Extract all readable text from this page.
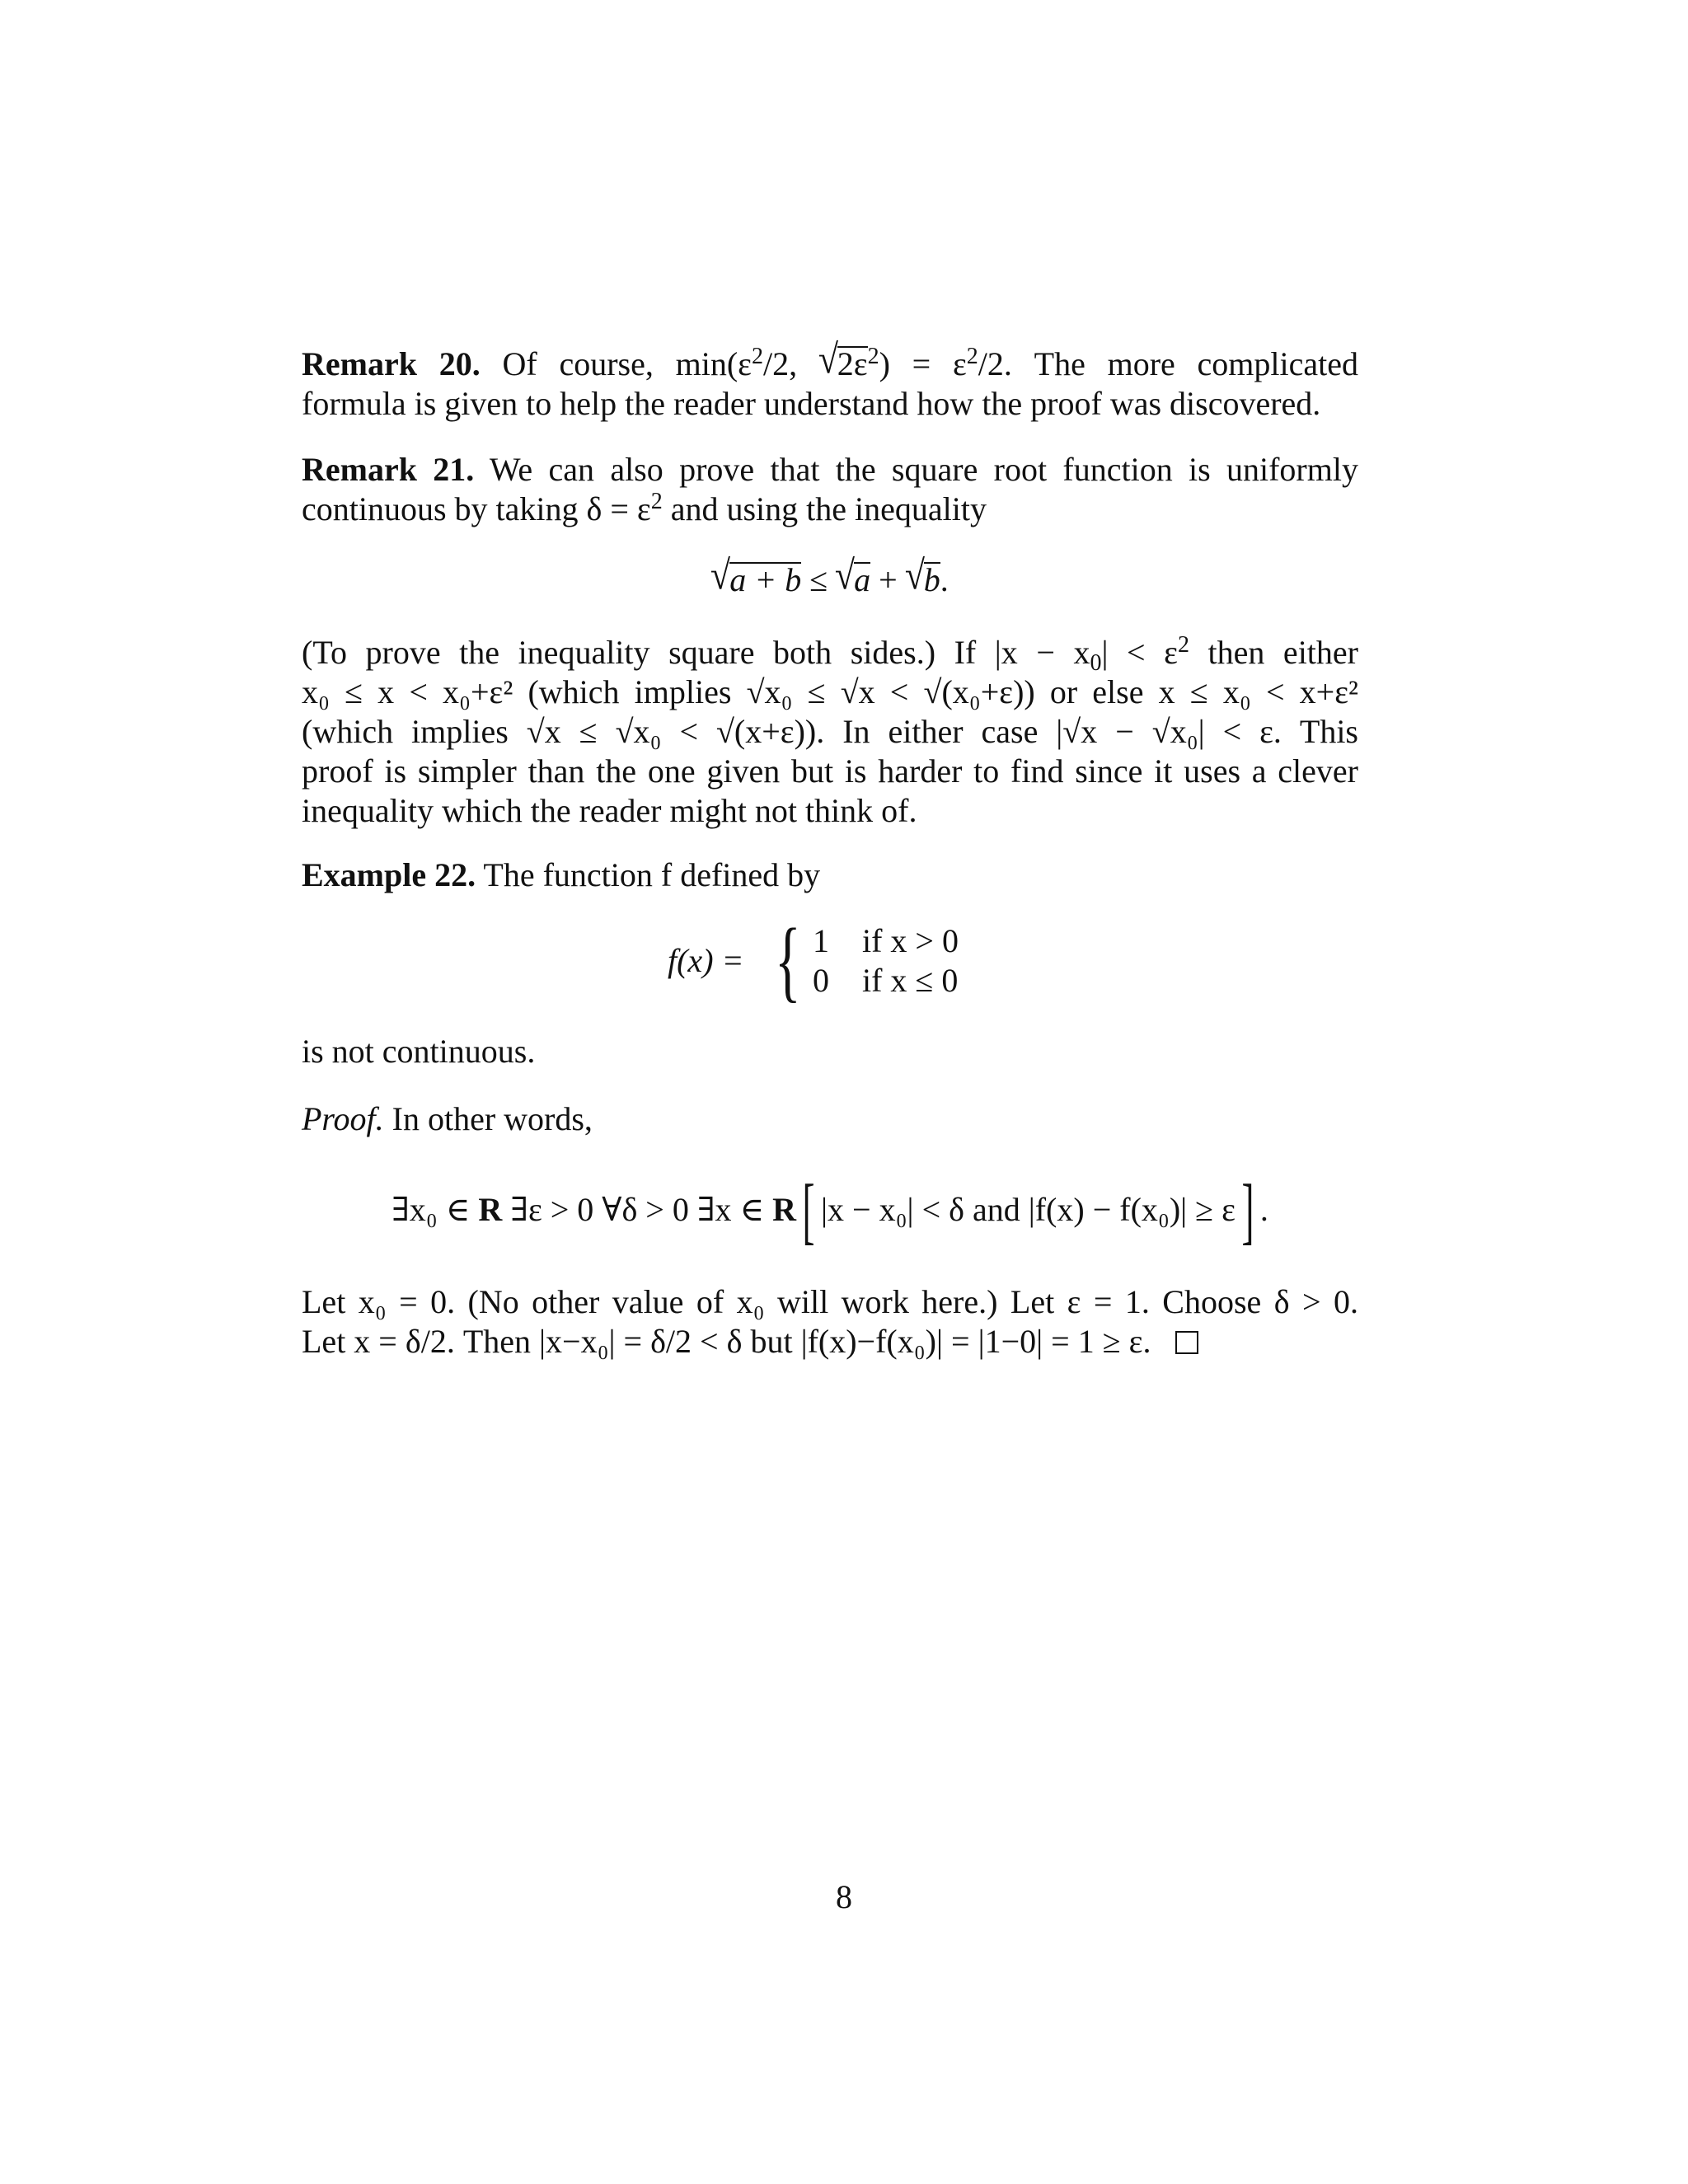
Remark 20. Of course, $\min(\varepsilon^2/2$, $√2\varepsilon^2) = \varepsilon^2/2$. The more complicated
formula is given to help the reader understand how the proof was discovered.
Remark 21. We can also prove that the square root function is uniformly
continuous by taking $\delta = \varepsilon^2$ and using the inequality
√a + b ≤ √a + √b.
(To prove the inequality square both sides.) If $|x - x_0| < \varepsilon^2$ then either
x₀ ≤ x < x₀+ε² (which implies √x₀ ≤ √x < √(x₀+ε)) or else x ≤ x₀ < x+ε²
(which implies √x ≤ √x₀ < √(x+ε)). In either case |√x − √x₀| < ε. This
proof is simpler than the one given but is harder to find since it uses a clever
inequality which the reader might not think of.
Example 22. The function f defined by
f(x) = { 1 if x > 0
0 if x ≤ 0
is not continuous.
Proof. In other words,
∃x₀ ∈ R ∃ε > 0 ∀δ > 0 ∃x ∈ R[ |x − x₀| < δ and |f(x) − f(x₀)| ≥ ε] .
Let x₀ = 0. (No other value of x₀ will work here.) Let ε = 1. Choose δ > 0.
Let x = δ/2. Then |x−x₀| = δ/2 < δ but |f(x)−f(x₀)| = |1−0| = 1 ≥ ε.
8
